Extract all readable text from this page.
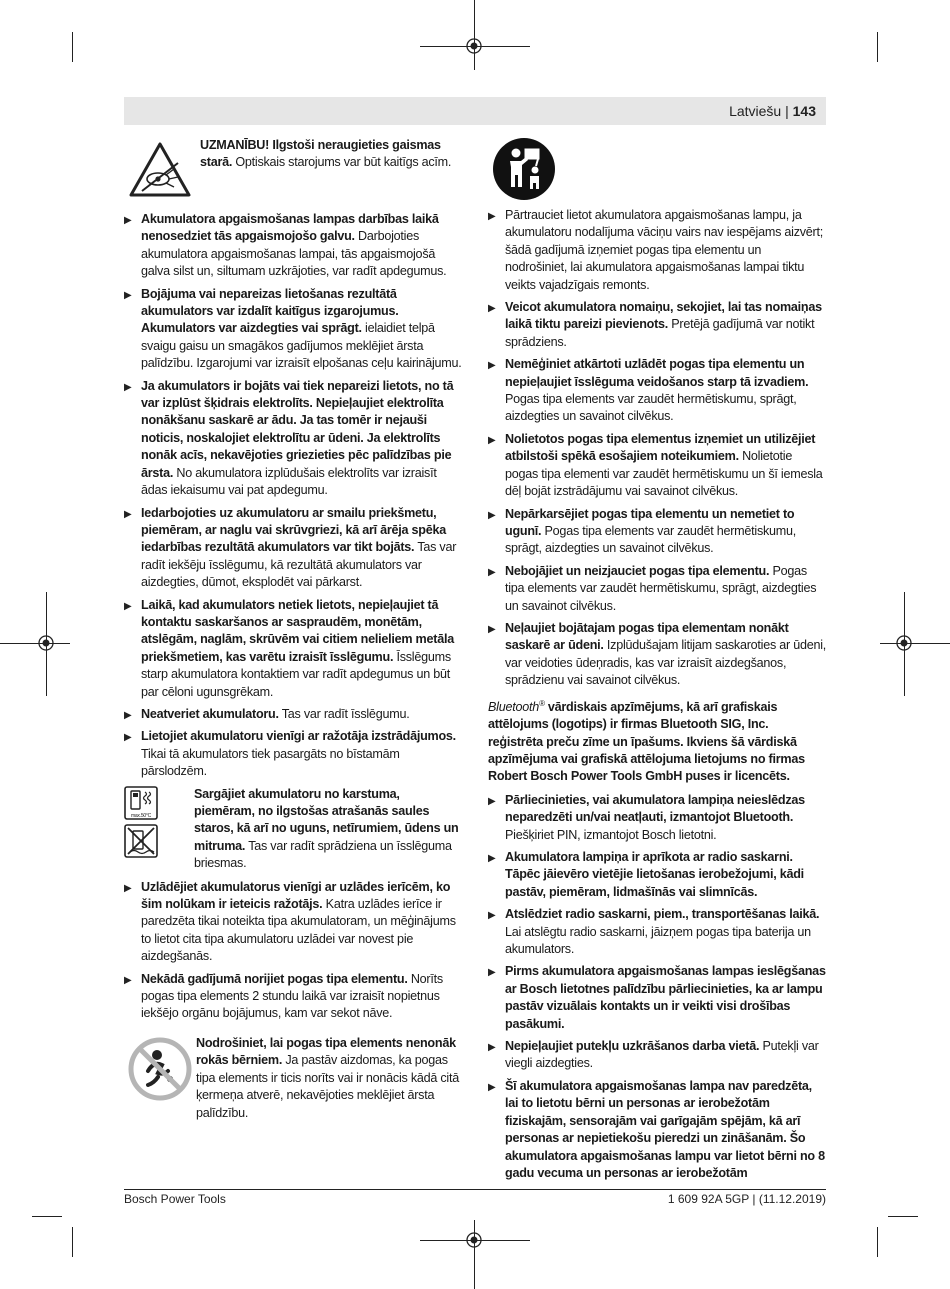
Latviešu | 143
UZMANĪBU! Ilgstoši neraugieties gaismas starā. Optiskais starojums var būt kaitīgs acīm.
▶ Akumulatora apgaismošanas lampas darbības laikā nenosedziet tās apgaismojošo galvu. Darbojoties akumulatora apgaismošanas lampai, tās apgaismojošā galva silst un, siltumam uzkrājoties, var radīt apdegumus.
▶ Bojājuma vai nepareizas lietošanas rezultātā akumulators var izdalīt kaitīgus izgarojumus. Akumulators var aizdegties vai sprāgt. ielaidiet telpā svaigu gaisu un smagākos gadījumos meklējiet ārsta palīdzību. Izgarojumi var izraisīt elpošanas ceļu kairinājumu.
▶ Ja akumulators ir bojāts vai tiek nepareizi lietots, no tā var izplūst šķidrais elektrolīts. Nepieļaujiet elektrolīta nonākšanu saskarē ar ādu. Ja tas tomēr ir nejauši noticis, noskalojiet elektrolītu ar ūdeni. Ja elektrolīts nonāk acīs, nekavējoties griezieties pēc palīdzības pie ārsta. No akumulatora izplūdušais elektrolīts var izraisīt ādas iekaisumu vai pat apdegumu.
▶ Iedarbojoties uz akumulatoru ar smailu priekšmetu, piemēram, ar naglu vai skrūvgriezi, kā arī ārēja spēka iedarbības rezultātā akumulators var tikt bojāts. Tas var radīt iekšēju īsslēgumu, kā rezultātā akumulators var aizdegties, dūmot, eksplodēt vai pārkarst.
▶ Laikā, kad akumulators netiek lietots, nepieļaujiet tā kontaktu saskaršanos ar saspraudēm, monētām, atslēgām, naglām, skrūvēm vai citiem nelieliem metāla priekšmetiem, kas varētu izraisīt īsslēgumu. Īsslēgums starp akumulatora kontaktiem var radīt apdegumus un būt par cēloni ugunsgrēkam.
▶ Neatveriet akumulatoru. Tas var radīt īsslēgumu.
▶ Lietojiet akumulatoru vienīgi ar ražotāja izstrādājumos. Tikai tā akumulators tiek pasargāts no bīstamām pārslodzēm.
max.50°C
Sargājiet akumulatoru no karstuma, piemēram, no ilgstošas atrašanās saules staros, kā arī no uguns, netīrumiem, ūdens un mitruma. Tas var radīt sprādziena un īsslēguma briesmas.
▶ Uzlādējiet akumulatorus vienīgi ar uzlādes ierīcēm, ko šim nolūkam ir ieteicis ražotājs. Katra uzlādes ierīce ir paredzēta tikai noteikta tipa akumulatoram, un mēģinājums to lietot cita tipa akumulatoru uzlādei var novest pie aizdegšanās.
▶ Nekādā gadījumā norijiet pogas tipa elementu. Norīts pogas tipa elements 2 stundu laikā var izraisīt nopietnus iekšējo orgānu bojājumus, kam var sekot nāve.
Nodrošiniet, lai pogas tipa elements nenonāk rokās bērniem. Ja pastāv aizdomas, ka pogas tipa elements ir ticis norīts vai ir nonācis kādā citā ķermeņa atverē, nekavējoties meklējiet ārsta palīdzību.
▶ Pārtrauciet lietot akumulatora apgaismošanas lampu, ja akumulatoru nodalījuma vāciņu vairs nav iespējams aizvērt; šādā gadījumā izņemiet pogas tipa elementu un nodrošiniet, lai akumulatora apgaismošanas lampai tiktu veikts vajadzīgais remonts.
▶ Veicot akumulatora nomaiņu, sekojiet, lai tas nomaiņas laikā tiktu pareizi pievienots. Pretējā gadījumā var notikt sprādziens.
▶ Nemēģiniet atkārtoti uzlādēt pogas tipa elementu un nepieļaujiet īsslēguma veidošanos starp tā izvadiem. Pogas tipa elements var zaudēt hermētiskumu, sprāgt, aizdegties un savainot cilvēkus.
▶ Nolietotos pogas tipa elementus izņemiet un utilizējiet atbilstoši spēkā esošajiem noteikumiem. Nolietotie pogas tipa elementi var zaudēt hermētiskumu un šī iemesla dēļ bojāt izstrādājumu vai savainot cilvēkus.
▶ Nepārkarsējiet pogas tipa elementu un nemetiet to ugunī. Pogas tipa elements var zaudēt hermētiskumu, sprāgt, aizdegties un savainot cilvēkus.
▶ Nebojājiet un neizjauciet pogas tipa elementu. Pogas tipa elements var zaudēt hermētiskumu, sprāgt, aizdegties un savainot cilvēkus.
▶ Neļaujiet bojātajam pogas tipa elementam nonākt saskarē ar ūdeni. Izplūdušajam litijam saskaroties ar ūdeni, var veidoties ūdeņradis, kas var izraisīt aizdegšanos, sprādzienu vai savainot cilvēkus.
Bluetooth® vārdiskais apzīmējums, kā arī grafiskais attēlojums (logotips) ir firmas Bluetooth SIG, Inc. reģistrēta preču zīme un īpašums. Ikviens šā vārdiskā apzīmējuma vai grafiskā attēlojuma lietojums no firmas Robert Bosch Power Tools GmbH puses ir licencēts.
▶ Pārliecinieties, vai akumulatora lampiņa neieslēdzas neparedzēti un/vai neatļauti, izmantojot Bluetooth. Piešķiriet PIN, izmantojot Bosch lietotni.
▶ Akumulatora lampiņa ir aprīkota ar radio saskarni. Tāpēc jāievēro vietējie lietošanas ierobežojumi, kādi pastāv, piemēram, lidmašīnās vai slimnīcās.
▶ Atslēdziet radio saskarni, piem., transportēšanas laikā. Lai atslēgtu radio saskarni, jāizņem pogas tipa baterija un akumulators.
▶ Pirms akumulatora apgaismošanas lampas ieslēgšanas ar Bosch lietotnes palīdzību pārliecinieties, ka ar lampu pastāv vizuālais kontakts un ir veikti visi drošības pasākumi.
▶ Nepieļaujiet putekļu uzkrāšanos darba vietā. Putekļi var viegli aizdegties.
▶ Šī akumulatora apgaismošanas lampa nav paredzēta, lai to lietotu bērni un personas ar ierobežotām fiziskajām, sensorajām vai garīgajām spējām, kā arī personas ar nepietiekošu pieredzi un zināšanām. Šo akumulatora apgaismošanas lampu var lietot bērni no 8 gadu vecuma un personas ar ierobežotām
Bosch Power Tools	1 609 92A 5GP | (11.12.2019)
